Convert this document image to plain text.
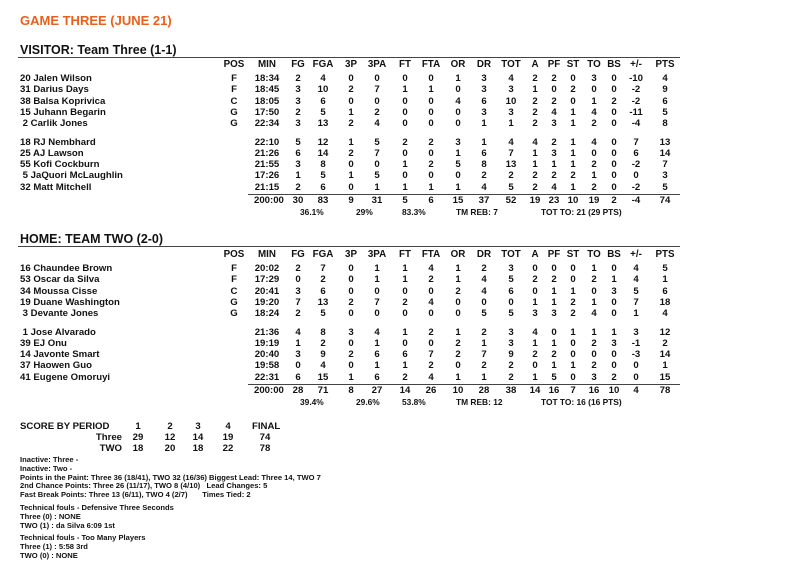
GAME THREE (JUNE 21)
VISITOR: Team Three (1-1)
POS	MIN	FG FGA	3P	3PA	FT	FTA	OR	DR	TOT	A PF ST TO BS +/-	PTS
20 Jalen Wilson	F	18:34	2	4	0	0	0	0	1	3	4	2	2	0	3	0	-10	4
31 Darius Days	F	18:45	3	10	2	7	1	1	0	3	3	1	0	2	0	0	-2	9
38 Balsa Koprivica	C	18:05	3	6	0	0	0	0	4	6	10	2	2	0	1	2	-2	6
15 Juhann Begarin	G	17:50	2	5	1	2	0	0	0	3	3	2	4	1	4	0	-11	5
2 Carlik Jones	G	22:34	3	13	2	4	0	0	0	1	1	2	3	1	2	0	-4	8
18 RJ Nembhard	22:10	5	12	1	5	2	2	3	1	4	4	2	1	4	0	7	13
25 AJ Lawson	21:26	6	14	2	7	0	0	1	6	7	1	3	1	0	0	6	14
55 Kofi Cockburn	21:55	3	8	0	0	1	2	5	8	13	1	1	1	2	0	-2	7
5 JaQuori McLaughlin	17:26	1	5	1	5	0	0	0	2	2	2	2	2	1	0	0	3
32 Matt Mitchell	21:15	2	6	0	1	1	1	1	4	5	2	4	1	2	0	-2	5
200:00 30	83	9	31	5	6	15	37	52	19 23 10	19	2	-4	74
36.1%	29%	83.3%	TM REB: 7	TOT TO: 21 (29 PTS)
HOME: TEAM TWO (2-0)
POS	MIN	FG FGA	3P	3PA	FT	FTA	OR	DR	TOT	A PF ST TO BS +/-	PTS
16 Chaundee Brown	F	20:02	2	7	0	1	1	4	1	2	3	0	0	0	1	0	4	5
53 Oscar da Silva	F	17:29	0	2	0	1	1	2	1	4	5	2	2	0	2	1	4	1
34 Moussa Cisse	C	20:41	3	6	0	0	0	0	2	4	6	0	1	1	0	3	5	6
19 Duane Washington	G	19:20	7	13	2	7	2	4	0	0	0	1	1	2	1	0	7	18
3 Devante Jones	G	18:24	2	5	0	0	0	0	0	5	5	3	3	2	4	0	1	4
1 Jose Alvarado	21:36	4	8	3	4	1	2	1	2	3	4	0	1	1	1	3	12
39 EJ Onu	19:19	1	2	0	1	0	0	2	1	3	1	1	0	2	3	-1	2
14 Javonte Smart	20:40	3	9	2	6	6	7	2	7	9	2	2	0	0	0	-3	14
37 Haowen Guo	19:58	0	4	0	1	1	2	0	2	2	0	1	1	2	0	0	1
41 Eugene Omoruyi	22:31	6	15	1	6	2	4	1	1	2	1	5	0	3	2	0	15
200:00 28	71	8	27	14	26	10	28	38	14 16	7	16 10	4	78
39.4%	29.6%	53.8%	TM REB: 12	TOT TO: 16 (16 PTS)
SCORE BY PERIOD	1	2	3	4	FINAL
Three	29	12	14	19	74
TWO	18	20	18	22	78
Inactive: Three -
Inactive: Two -
Points in the Paint: Three 36 (18/41), TWO 32 (16/36) Biggest Lead: Three 14, TWO 7
2nd Chance Points: Three 26 (11/17), TWO 8 (4/10)   Lead Changes: 5
Fast Break Points: Three 13 (6/11), TWO 4 (2/7)       Times Tied: 2
Technical fouls - Defensive Three Seconds
Three (0) : NONE
TWO (1) : da Silva 6:09 1st
Technical fouls - Too Many Players
Three (1) : 5:58 3rd
TWO (0) : NONE
